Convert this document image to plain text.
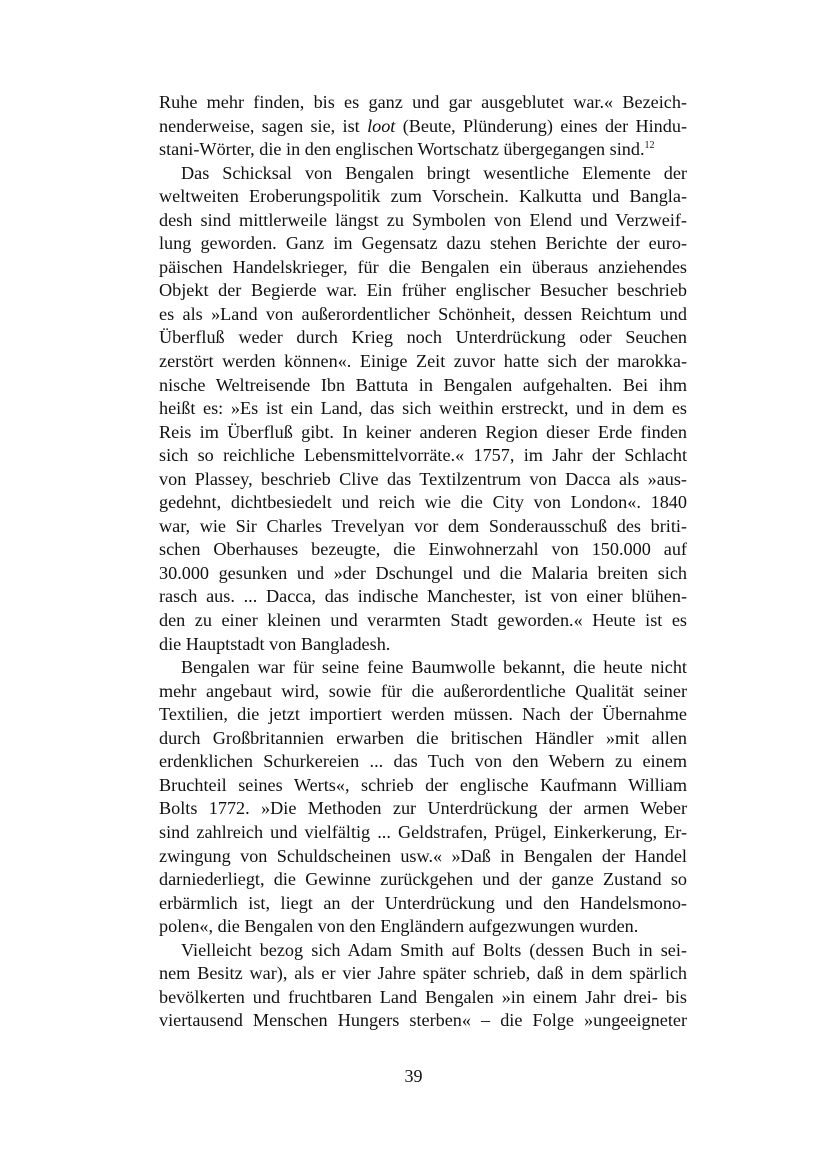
Ruhe mehr finden, bis es ganz und gar ausgeblutet war.« Bezeich-
nenderweise, sagen sie, ist loot (Beute, Plünderung) eines der Hindu-
stani-Wörter, die in den englischen Wortschatz übergegangen sind.$^{12}$
Das Schicksal von Bengalen bringt wesentliche Elemente der
weltweiten Eroberungspolitik zum Vorschein. Kalkutta und Bangla-
desh sind mittlerweile längst zu Symbolen von Elend und Verzweif-
lung geworden. Ganz im Gegensatz dazu stehen Berichte der euro-
päischen Handelskrieger, für die Bengalen ein überaus anziehendes
Objekt der Begierde war. Ein früher englischer Besucher beschrieb
es als »Land von außerordentlicher Schönheit, dessen Reichtum und
Überfluß weder durch Krieg noch Unterdrückung oder Seuchen
zerstört werden können«. Einige Zeit zuvor hatte sich der marokka-
nische Weltreisende Ibn Battuta in Bengalen aufgehalten. Bei ihm
heißt es: »Es ist ein Land, das sich weithin erstreckt, und in dem es
Reis im Überfluß gibt. In keiner anderen Region dieser Erde finden
sich so reichliche Lebensmittelvorräte.« 1757, im Jahr der Schlacht
von Plassey, beschrieb Clive das Textilzentrum von Dacca als »aus-
gedehnt, dichtbesiedelt und reich wie die City von London«. 1840
war, wie Sir Charles Trevelyan vor dem Sonderausschuß des briti-
schen Oberhauses bezeugte, die Einwohnerzahl von 150.000 auf
30.000 gesunken und »der Dschungel und die Malaria breiten sich
rasch aus. ... Dacca, das indische Manchester, ist von einer blühen-
den zu einer kleinen und verarmten Stadt geworden.« Heute ist es
die Hauptstadt von Bangladesh.
Bengalen war für seine feine Baumwolle bekannt, die heute nicht
mehr angebaut wird, sowie für die außerordentliche Qualität seiner
Textilien, die jetzt importiert werden müssen. Nach der Übernahme
durch Großbritannien erwarben die britischen Händler »mit allen
erdenklichen Schurkereien ... das Tuch von den Webern zu einem
Bruchteil seines Werts«, schrieb der englische Kaufmann William
Bolts 1772. »Die Methoden zur Unterdrückung der armen Weber
sind zahlreich und vielfältig ... Geldstrafen, Prügel, Einkerkerung, Er-
zwingung von Schuldscheinen usw.« »Daß in Bengalen der Handel
darniederliegt, die Gewinne zurückgehen und der ganze Zustand so
erbärmlich ist, liegt an der Unterdrückung und den Handelsmono-
polen«, die Bengalen von den Engländern aufgezwungen wurden.
Vielleicht bezog sich Adam Smith auf Bolts (dessen Buch in sei-
nem Besitz war), als er vier Jahre später schrieb, daß in dem spärlich
bevölkerten und fruchtbaren Land Bengalen »in einem Jahr drei- bis
viertausend Menschen Hungers sterben« – die Folge »ungeeigneter
39
